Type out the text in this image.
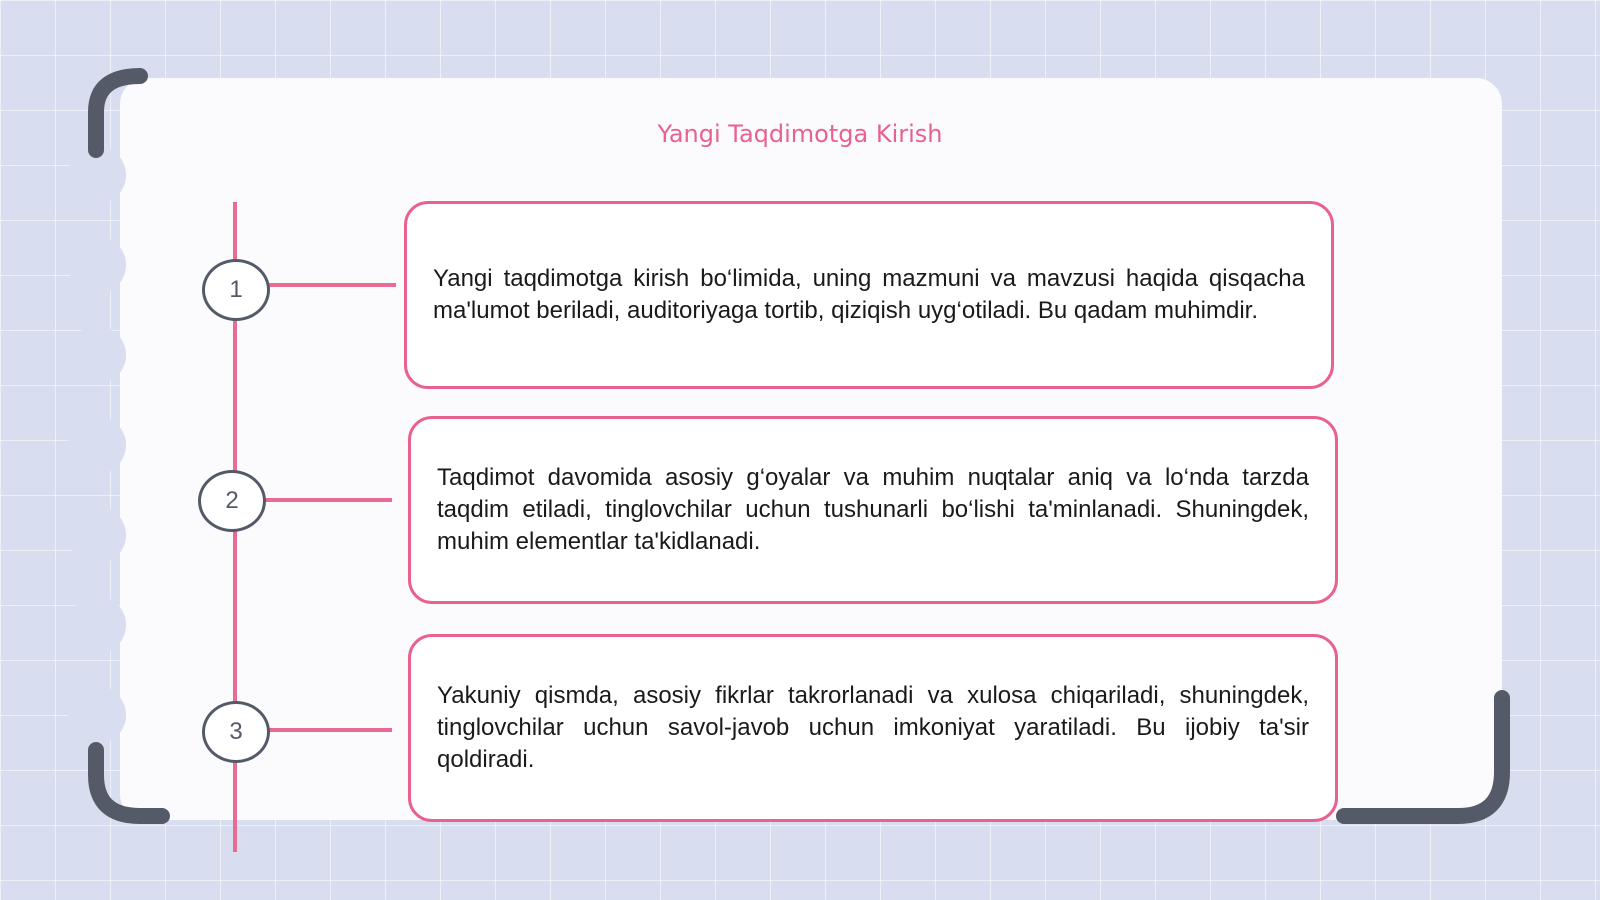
Yangi Taqdimotga Kirish
1
2
3

Yangi taqdimotga kirish bo‘limida, uning mazmuni va mavzusi haqida qisqacha ma'lumot beriladi, auditoriyaga tortib, qiziqish uyg‘otiladi. Bu qadam muhimdir.

Taqdimot davomida asosiy g‘oyalar va muhim nuqtalar aniq va lo‘nda tarzda taqdim etiladi, tinglovchilar uchun tushunarli bo‘lishi ta'minlanadi. Shuningdek, muhim elementlar ta'kidlanadi.

Yakuniy qismda, asosiy fikrlar takrorlanadi va xulosa chiqariladi, shuningdek, tinglovchilar uchun savol-javob uchun imkoniyat yaratiladi. Bu ijobiy ta'sir qoldiradi.
